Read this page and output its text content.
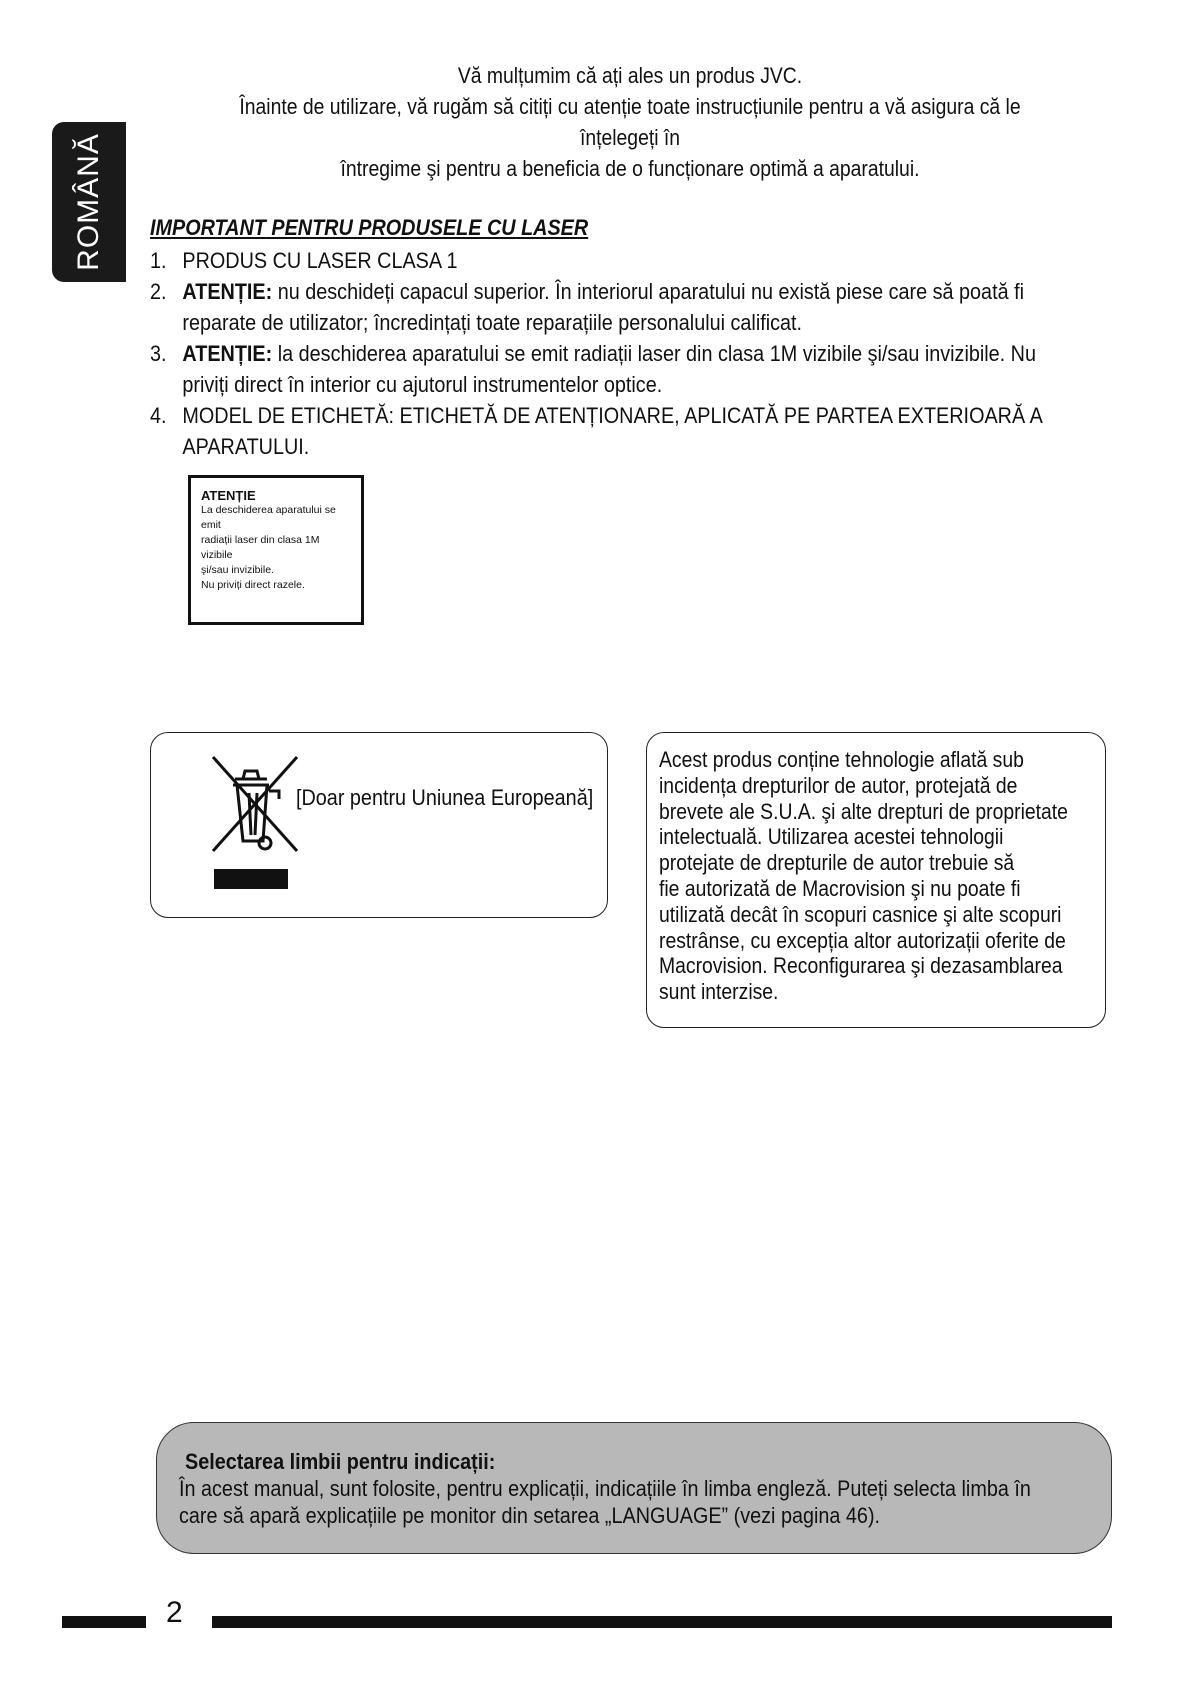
ROMÂNĂ

Vă mulțumim că ați ales un produs JVC.

Înainte de utilizare, vă rugăm să citiți cu atenție toate instrucțiunile pentru a vă asigura că le înțelegeți în

întregime şi pentru a beneficia de o funcționare optimă a aparatului.

IMPORTANT PENTRU PRODUSELE CU LASER
1. PRODUS CU LASER CLASA 1

2. ATENȚIE: nu deschideți capacul superior. În interiorul aparatului nu există piese care să poată fi
reparate de utilizator; încredințați toate reparațiile personalului calificat.
3. ATENȚIE: la deschiderea aparatului se emit radiații laser din clasa 1M vizibile şi/sau invizibile. Nu
priviți direct în interior cu ajutorul instrumentelor optice.
4. MODEL DE ETICHETĂ: ETICHETĂ DE ATENȚIONARE, APLICATĂ PE PARTEA EXTERIOARĂ A
APARATULUI.

ATENȚIE

La deschiderea aparatului se emit

radiații laser din clasa 1M vizibile

şi/sau invizibile.

Nu priviți direct razele.

[Doar pentru Uniunea Europeană]

Acest produs conține tehnologie aflată sub

incidența drepturilor de autor, protejată de

brevete ale S.U.A. şi alte drepturi de proprietate

intelectuală. Utilizarea acestei tehnologii

protejate de drepturile de autor trebuie să

fie autorizată de Macrovision şi nu poate fi

utilizată decât în scopuri casnice şi alte scopuri

restrânse, cu excepția altor autorizații oferite de

Macrovision. Reconfigurarea şi dezasamblarea

sunt interzise.

Selectarea limbii pentru indicații:

În acest manual, sunt folosite, pentru explicații, indicațiile în limba engleză. Puteți selecta limba în

care să apară explicațiile pe monitor din setarea „LANGUAGE” (vezi pagina 46).

2
